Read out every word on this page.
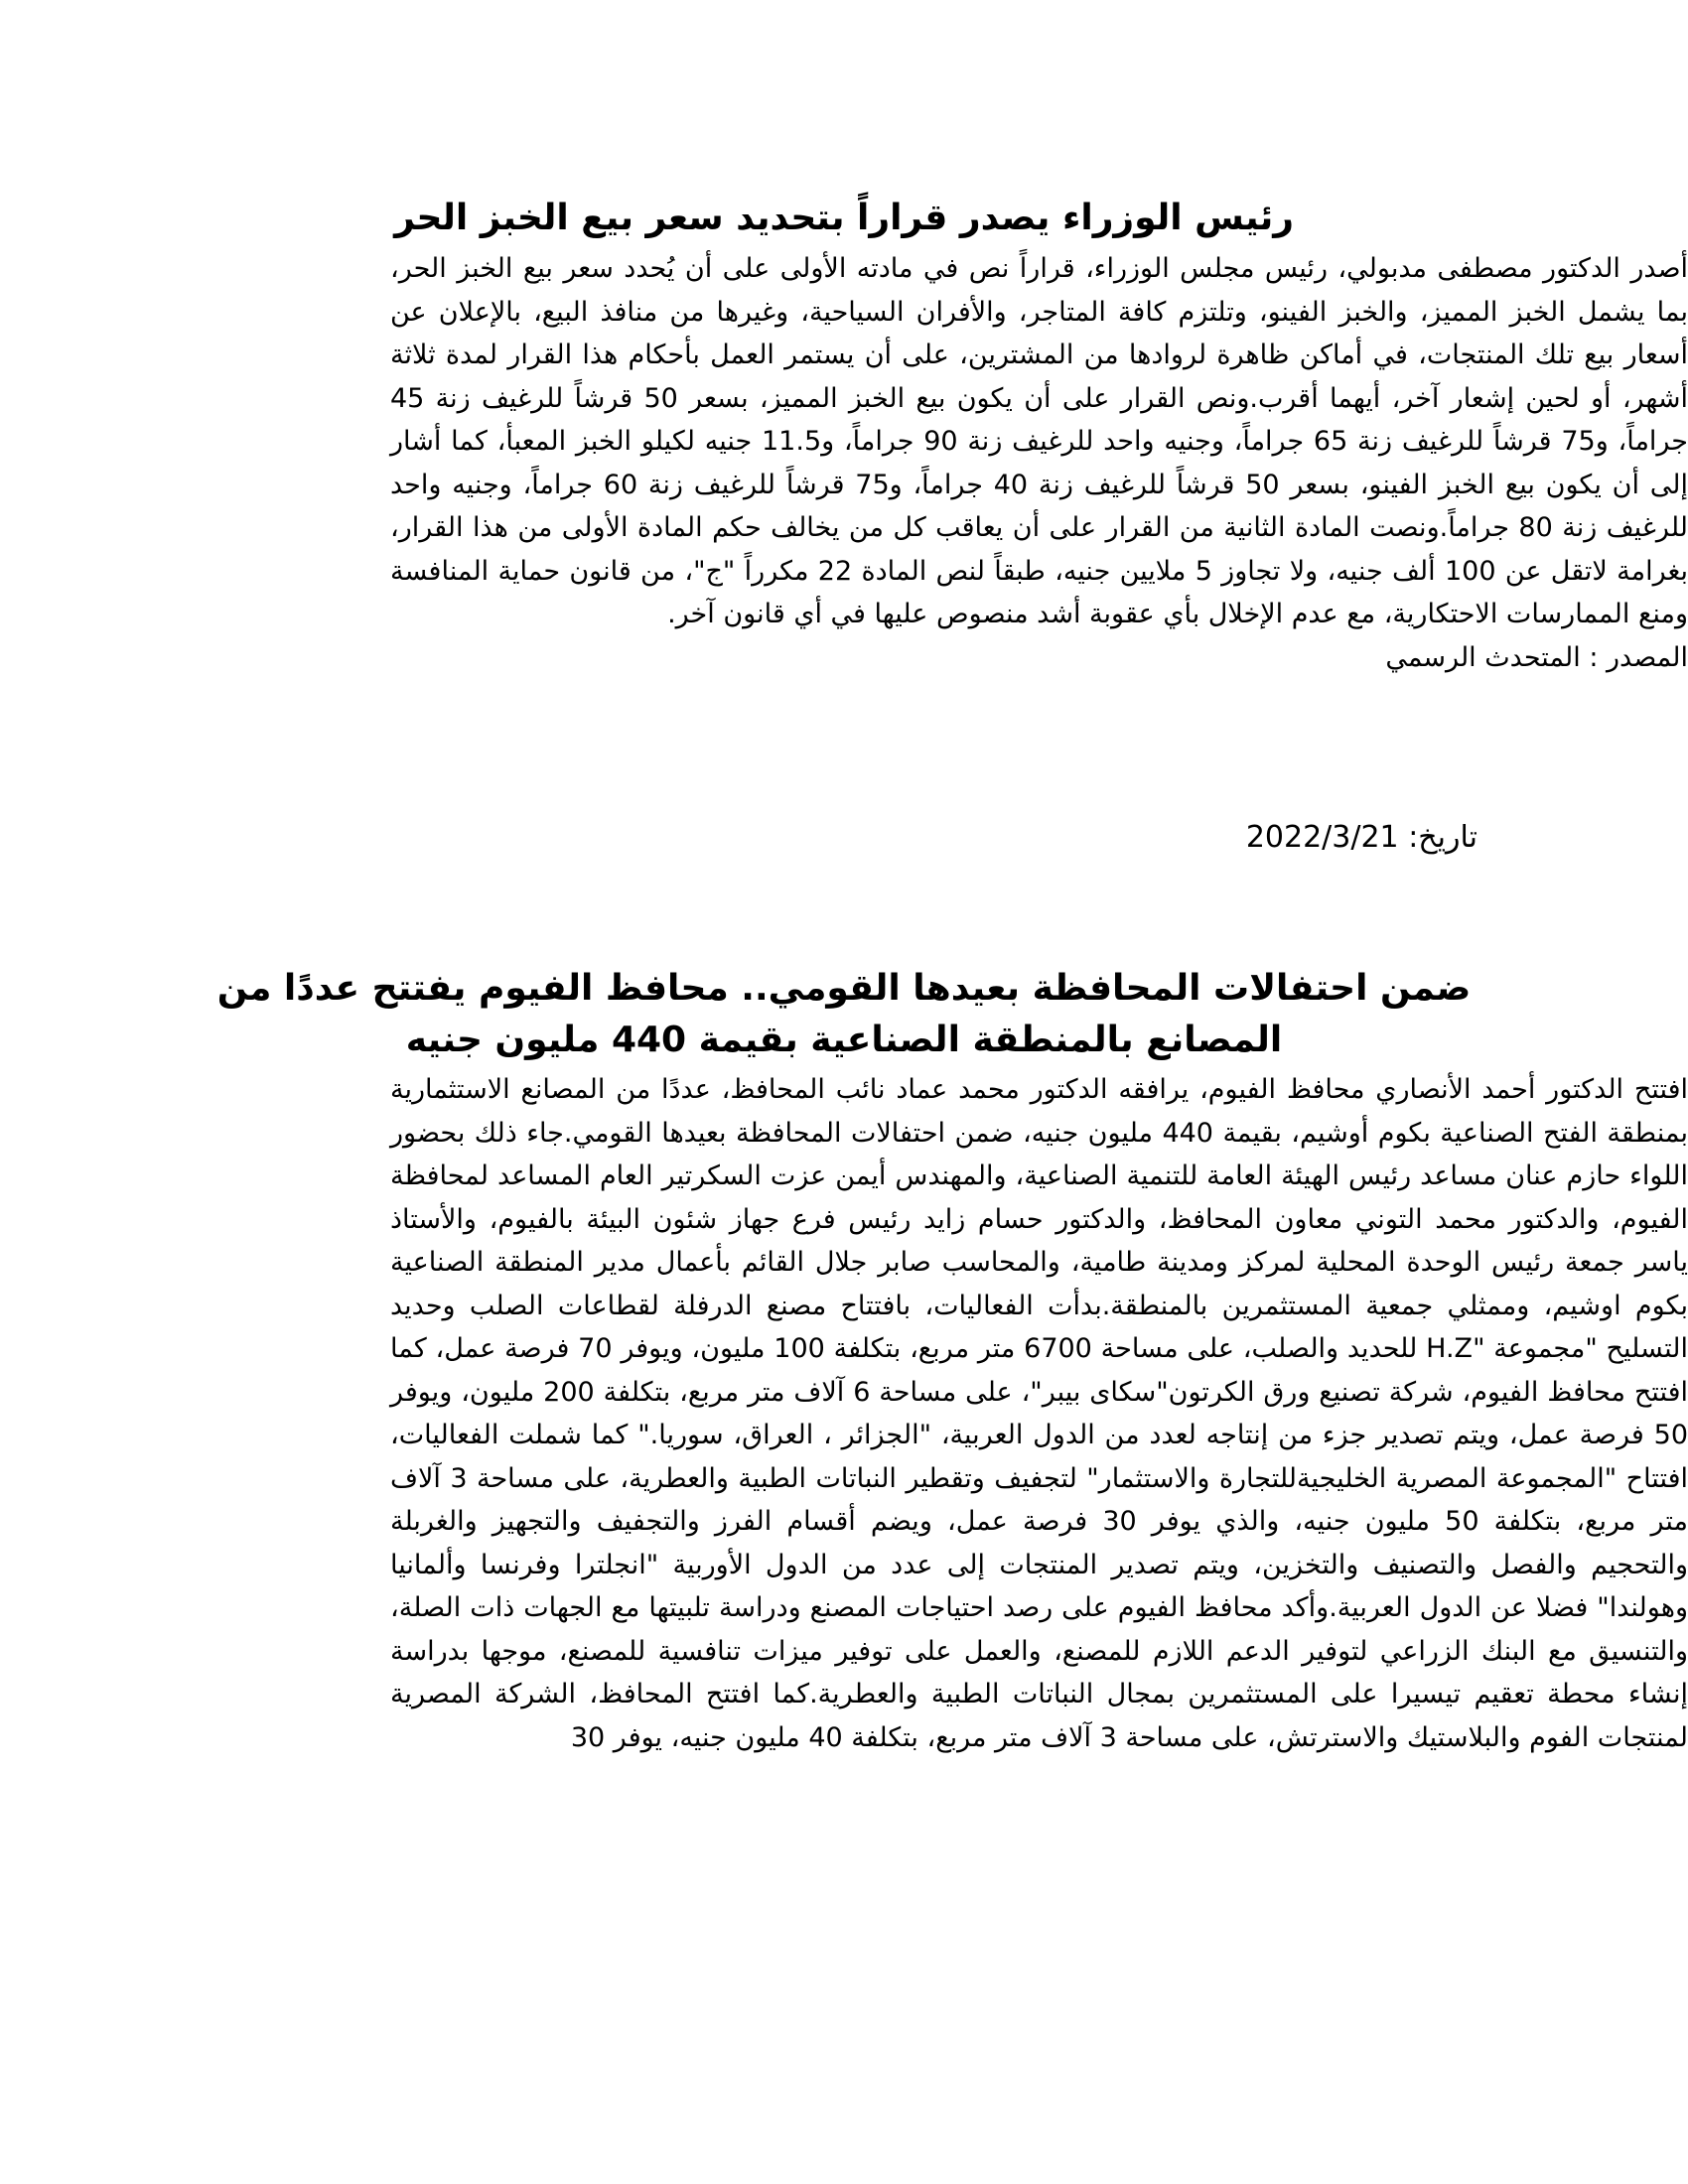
رئيس الوزراء يصدر قراراً بتحديد سعر بيع الخبز الحر

أصدر الدكتور مصطفى مدبولي، رئيس مجلس الوزراء، قراراً نص في مادته الأولى على أن يُحدد سعر بيع الخبز الحر، بما يشمل الخبز المميز، والخبز الفينو، وتلتزم كافة المتاجر، والأفران السياحية، وغيرها من منافذ البيع، بالإعلان عن أسعار بيع تلك المنتجات، في أماكن ظاهرة لروادها من المشترين، على أن يستمر العمل بأحكام هذا القرار لمدة ثلاثة أشهر، أو لحين إشعار آخر، أيهما أقرب.ونص القرار على أن يكون بيع الخبز المميز، بسعر 50 قرشاً للرغيف زنة 45 جراماً، و75 قرشاً للرغيف زنة 65 جراماً، وجنيه واحد للرغيف زنة 90 جراماً، و11.5 جنيه لكيلو الخبز المعبأ، كما أشار إلى أن يكون بيع الخبز الفينو، بسعر 50 قرشاً للرغيف زنة 40 جراماً، و75 قرشاً للرغيف زنة 60 جراماً، وجنيه واحد للرغيف زنة 80 جراماً.ونصت المادة الثانية من القرار على أن يعاقب كل من يخالف حكم المادة الأولى من هذا القرار، بغرامة لاتقل عن 100 ألف جنيه، ولا تجاوز 5 ملايين جنيه، طبقاً لنص المادة 22 مكرراً "ج"، من قانون حماية المنافسة ومنع الممارسات الاحتكارية، مع عدم الإخلال بأي عقوبة أشد منصوص عليها في أي قانون آخر.

المصدر : المتحدث الرسمي

تاريخ: 2022/3/21
ضمن احتفالات المحافظة بعيدها القومي.. محافظ الفيوم يفتتح عددًا من المصانع بالمنطقة الصناعية بقيمة 440 مليون جنيه

افتتح الدكتور أحمد الأنصاري محافظ الفيوم، يرافقه الدكتور محمد عماد نائب المحافظ، عددًا من المصانع الاستثمارية بمنطقة الفتح الصناعية بكوم أوشيم، بقيمة 440 مليون جنيه، ضمن احتفالات المحافظة بعيدها القومي.جاء ذلك بحضور اللواء حازم عنان مساعد رئيس الهيئة العامة للتنمية الصناعية، والمهندس أيمن عزت السكرتير العام المساعد لمحافظة الفيوم، والدكتور محمد التوني معاون المحافظ، والدكتور حسام زايد رئيس فرع جهاز شئون البيئة بالفيوم، والأستاذ ياسر جمعة رئيس الوحدة المحلية لمركز ومدينة طامية، والمحاسب صابر جلال القائم بأعمال مدير المنطقة الصناعية بكوم اوشيم، وممثلي جمعية المستثمرين بالمنطقة.بدأت الفعاليات، بافتتاح مصنع الدرفلة لقطاعات الصلب وحديد التسليح "مجموعة "H.Z للحديد والصلب، على مساحة 6700 متر مربع، بتكلفة 100 مليون، ويوفر 70 فرصة عمل، كما افتتح محافظ الفيوم، شركة تصنيع ورق الكرتون"سكاى بيبر"، على مساحة 6 آلاف متر مربع، بتكلفة 200 مليون، ويوفر 50 فرصة عمل، ويتم تصدير جزء من إنتاجه لعدد من الدول العربية، "الجزائر ، العراق، سوريا." كما شملت الفعاليات، افتتاح "المجموعة المصرية الخليجيةللتجارة والاستثمار" لتجفيف وتقطير النباتات الطبية والعطرية، على مساحة 3 آلاف متر مربع، بتكلفة 50 مليون جنيه، والذي يوفر 30 فرصة عمل، ويضم أقسام الفرز والتجفيف والتجهيز والغربلة والتحجيم والفصل والتصنيف والتخزين، ويتم تصدير المنتجات إلى عدد من الدول الأوربية "انجلترا وفرنسا وألمانيا وهولندا" فضلا عن الدول العربية.وأكد محافظ الفيوم على رصد احتياجات المصنع ودراسة تلبيتها مع الجهات ذات الصلة، والتنسيق مع البنك الزراعي لتوفير الدعم اللازم للمصنع، والعمل على توفير ميزات تنافسية للمصنع، موجها بدراسة إنشاء محطة تعقيم تيسيرا على المستثمرين بمجال النباتات الطبية والعطرية.كما افتتح المحافظ، الشركة المصرية لمنتجات الفوم والبلاستيك والاسترتش، على مساحة 3 آلاف متر مربع، بتكلفة 40 مليون جنيه، يوفر 30
